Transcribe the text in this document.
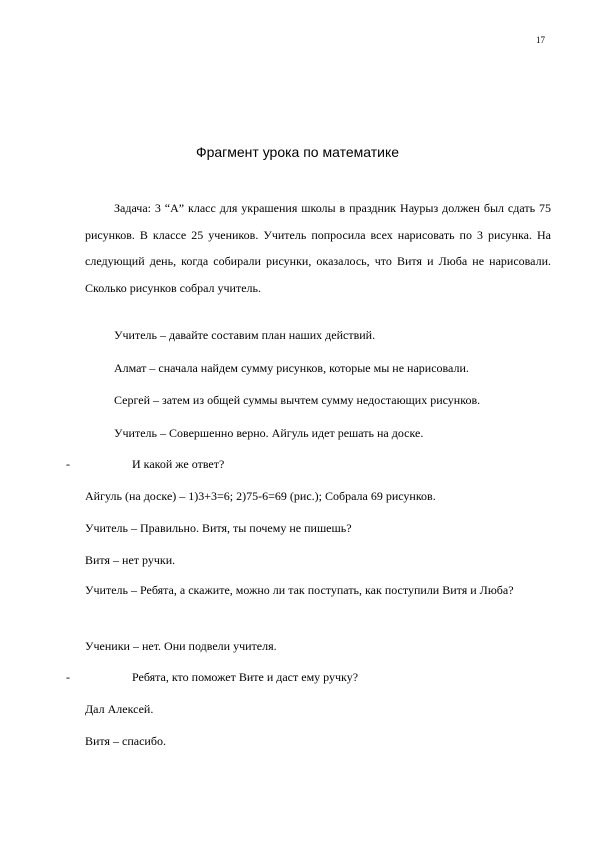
17
Фрагмент урока по математике

Задача: 3 “А” класс для украшения школы в праздник Наурыз должен был сдать 75 рисунков. В классе 25 учеников. Учитель попросила всех нарисовать по 3 рисунка. На следующий день, когда собирали рисунки, оказалось, что Витя и Люба не нарисовали. Сколько рисунков собрал учитель.

Учитель – давайте составим план наших действий.

Алмат – сначала найдем сумму рисунков, которые мы не нарисовали.

Сергей – затем из общей суммы вычтем сумму недостающих рисунков.

Учитель – Совершенно верно. Айгуль идет решать на доске.

-	И какой же ответ?

Айгуль (на доске) – 1)3+3=6; 2)75-6=69 (рис.); Собрала 69 рисунков.

Учитель – Правильно. Витя, ты почему не пишешь?

Витя – нет ручки.

Учитель – Ребята, а скажите, можно ли так поступать, как поступили Витя и Люба?

Ученики – нет. Они подвели учителя.

-	Ребята, кто поможет Вите и даст ему ручку?

Дал Алексей.

Витя – спасибо.
